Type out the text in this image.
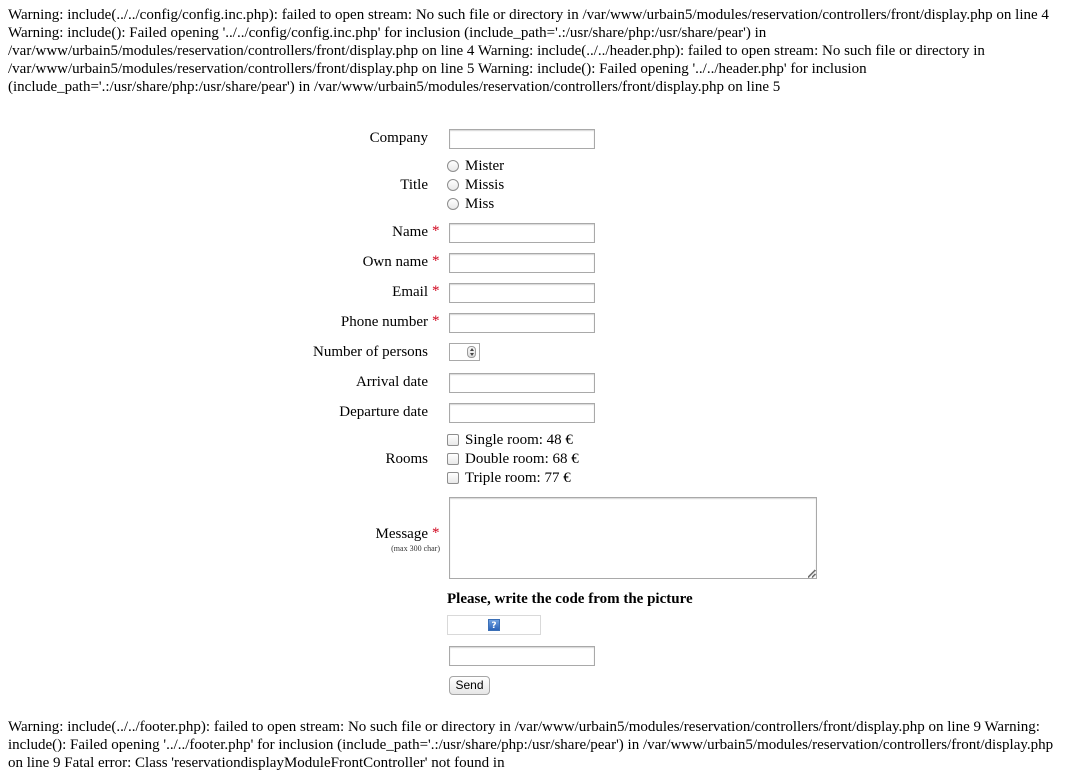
Warning: include(../../config/config.inc.php): failed to open stream: No such file or directory in /var/www/urbain5/modules/reservation/controllers/front/display.php on line 4 Warning: include(): Failed opening '../../config/config.inc.php' for inclusion (include_path='.:/usr/share/php:/usr/share/pear') in /var/www/urbain5/modules/reservation/controllers/front/display.php on line 4 Warning: include(../../header.php): failed to open stream: No such file or directory in /var/www/urbain5/modules/reservation/controllers/front/display.php on line 5 Warning: include(): Failed opening '../../header.php' for inclusion (include_path='.:/usr/share/php:/usr/share/pear') in /var/www/urbain5/modules/reservation/controllers/front/display.php on line 5
Company
Title
Mister
Missis
Miss
Name *
Own name *
Email *
Phone number *
Number of persons
Arrival date
Departure date
Rooms
Single room: 48 €
Double room: 68 €
Triple room: 77 €
Message *
(max 300 char)
Please, write the code from the picture
?
Send
Warning: include(../../footer.php): failed to open stream: No such file or directory in /var/www/urbain5/modules/reservation/controllers/front/display.php on line 9 Warning: include(): Failed opening '../../footer.php' for inclusion (include_path='.:/usr/share/php:/usr/share/pear') in /var/www/urbain5/modules/reservation/controllers/front/display.php on line 9 Fatal error: Class 'reservationdisplayModuleFrontController' not found in
